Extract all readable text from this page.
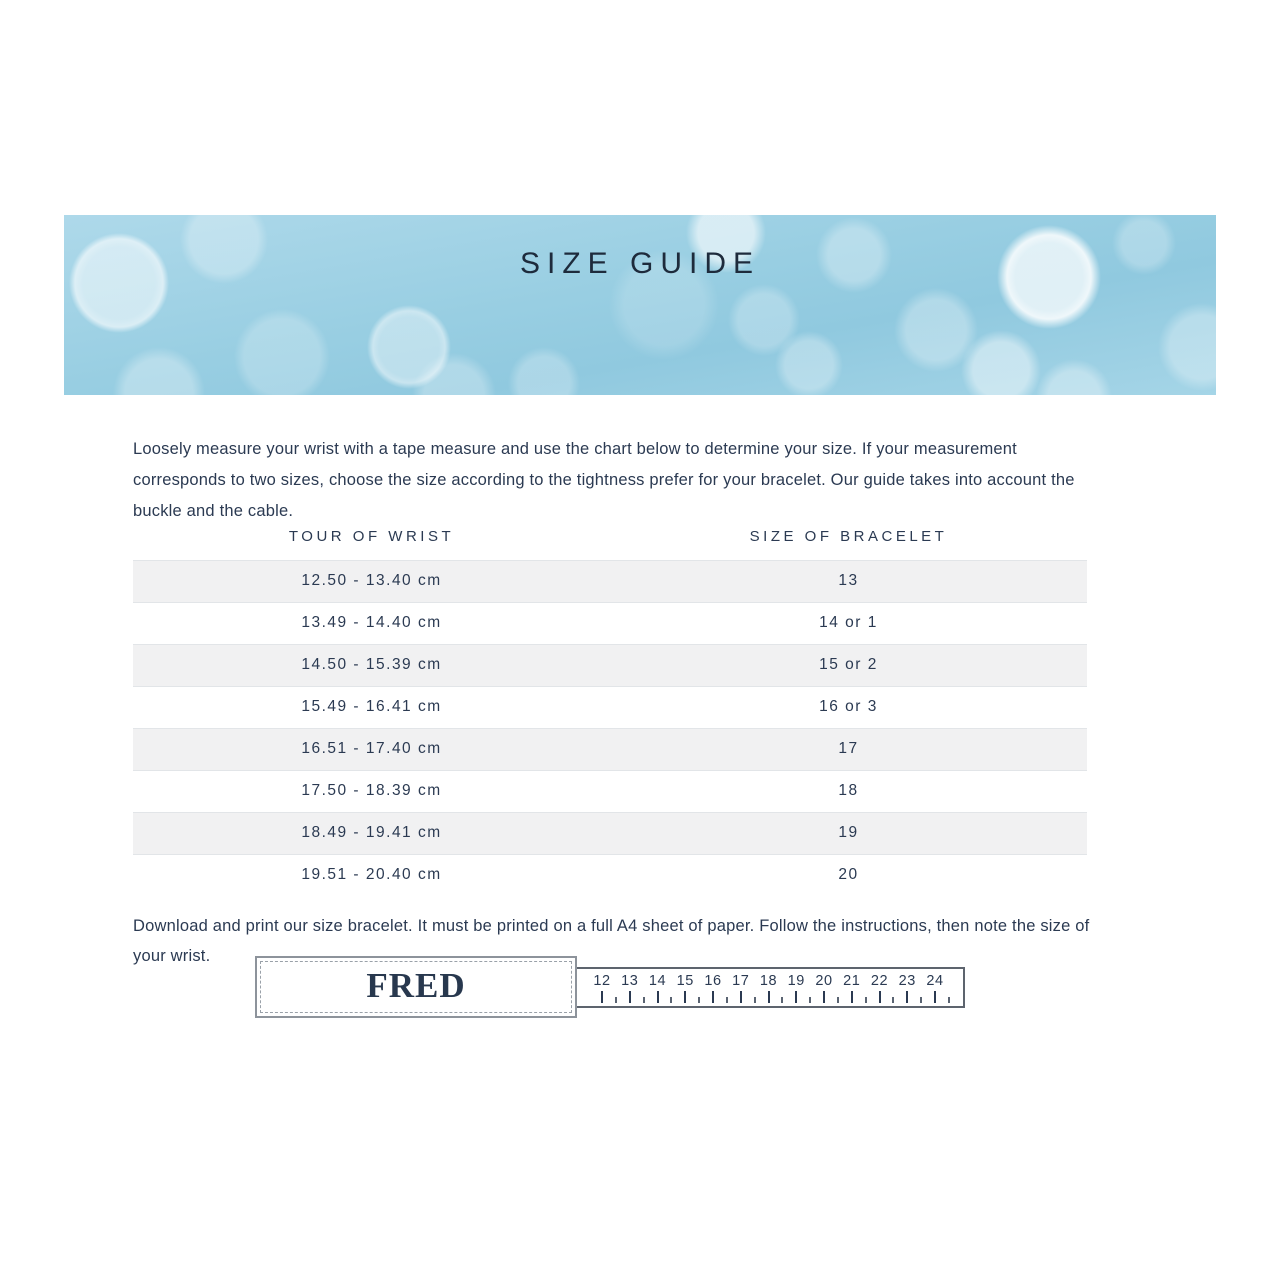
SIZE GUIDE

Loosely measure your wrist with a tape measure and use the chart below to determine your size. If your measurement corresponds to two sizes, choose the size according to the tightness prefer for your bracelet. Our guide takes into account the buckle and the cable.

TOUR OF WRIST	SIZE OF BRACELET
12.50 - 13.40 cm	13
13.49 - 14.40 cm	14 or 1
14.50 - 15.39 cm	15 or 2
15.49 - 16.41 cm	16 or 3
16.51 - 17.40 cm	17
17.50 - 18.39 cm	18
18.49 - 19.41 cm	19
19.51 - 20.40 cm	20

Download and print our size bracelet. It must be printed on a full A4 sheet of paper. Follow the instructions, then note the size of your wrist.

12 13 14 15 16 17 18 19 20 21 22 23 24
FRED
